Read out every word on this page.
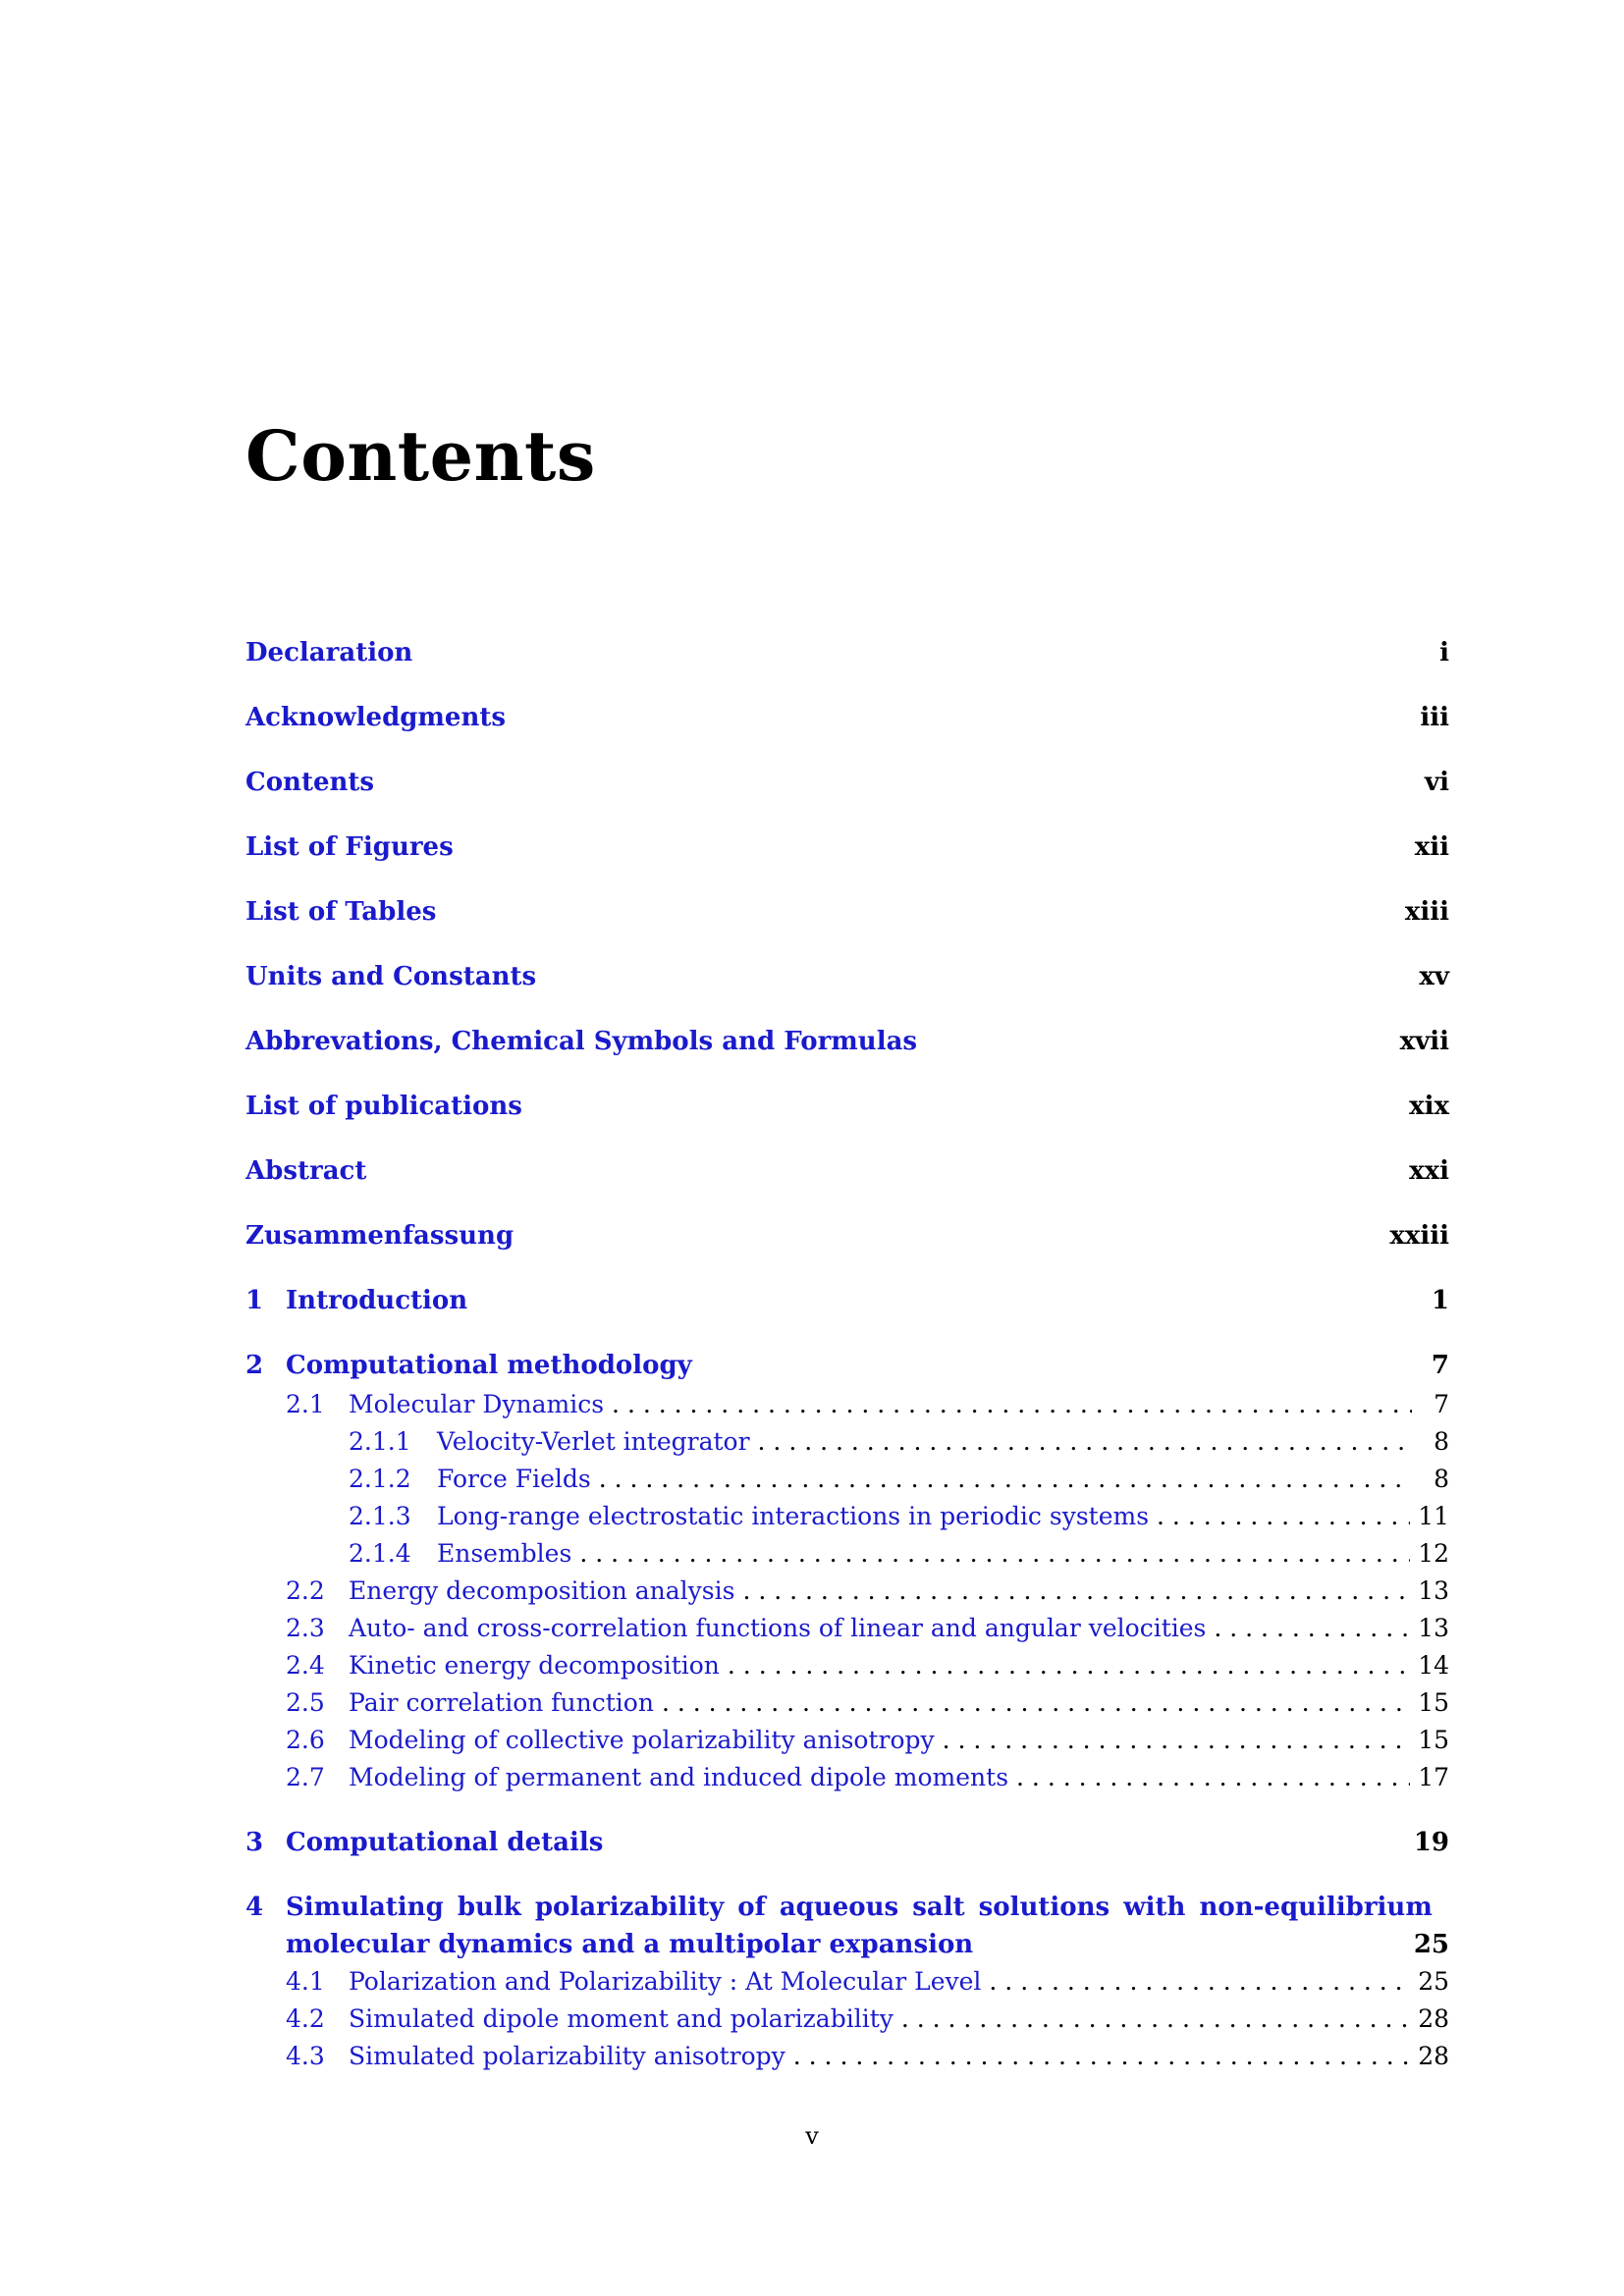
Contents
Declaration	i
Acknowledgments	iii
Contents	vi
List of Figures	xii
List of Tables	xiii
Units and Constants	xv
Abbrevations, Chemical Symbols and Formulas	xvii
List of publications	xix
Abstract	xxi
Zusammenfassung	xxiii
1 Introduction	1
2 Computational methodology	7
2.1 Molecular Dynamics . . .	7
2.1.1	Velocity-Verlet integrator . . .	8
2.1.2	Force Fields . . .	8
2.1.3	Long-range electrostatic interactions in periodic systems . . .	11
2.1.4	Ensembles . . .	12
2.2 Energy decomposition analysis . . .	13
2.3 Auto- and cross-correlation functions of linear and angular velocities . . .	13
2.4 Kinetic energy decomposition . . .	14
2.5 Pair correlation function . . .	15
2.6 Modeling of collective polarizability anisotropy . . .	15
2.7 Modeling of permanent and induced dipole moments . . .	17
3 Computational details	19
4 Simulating bulk polarizability of aqueous salt solutions with non-equilibrium
molecular dynamics and a multipolar expansion	25
4.1 Polarization and Polarizability : At Molecular Level . . .	25
4.2 Simulated dipole moment and polarizability . . .	28
4.3 Simulated polarizability anisotropy . . .	28
v
